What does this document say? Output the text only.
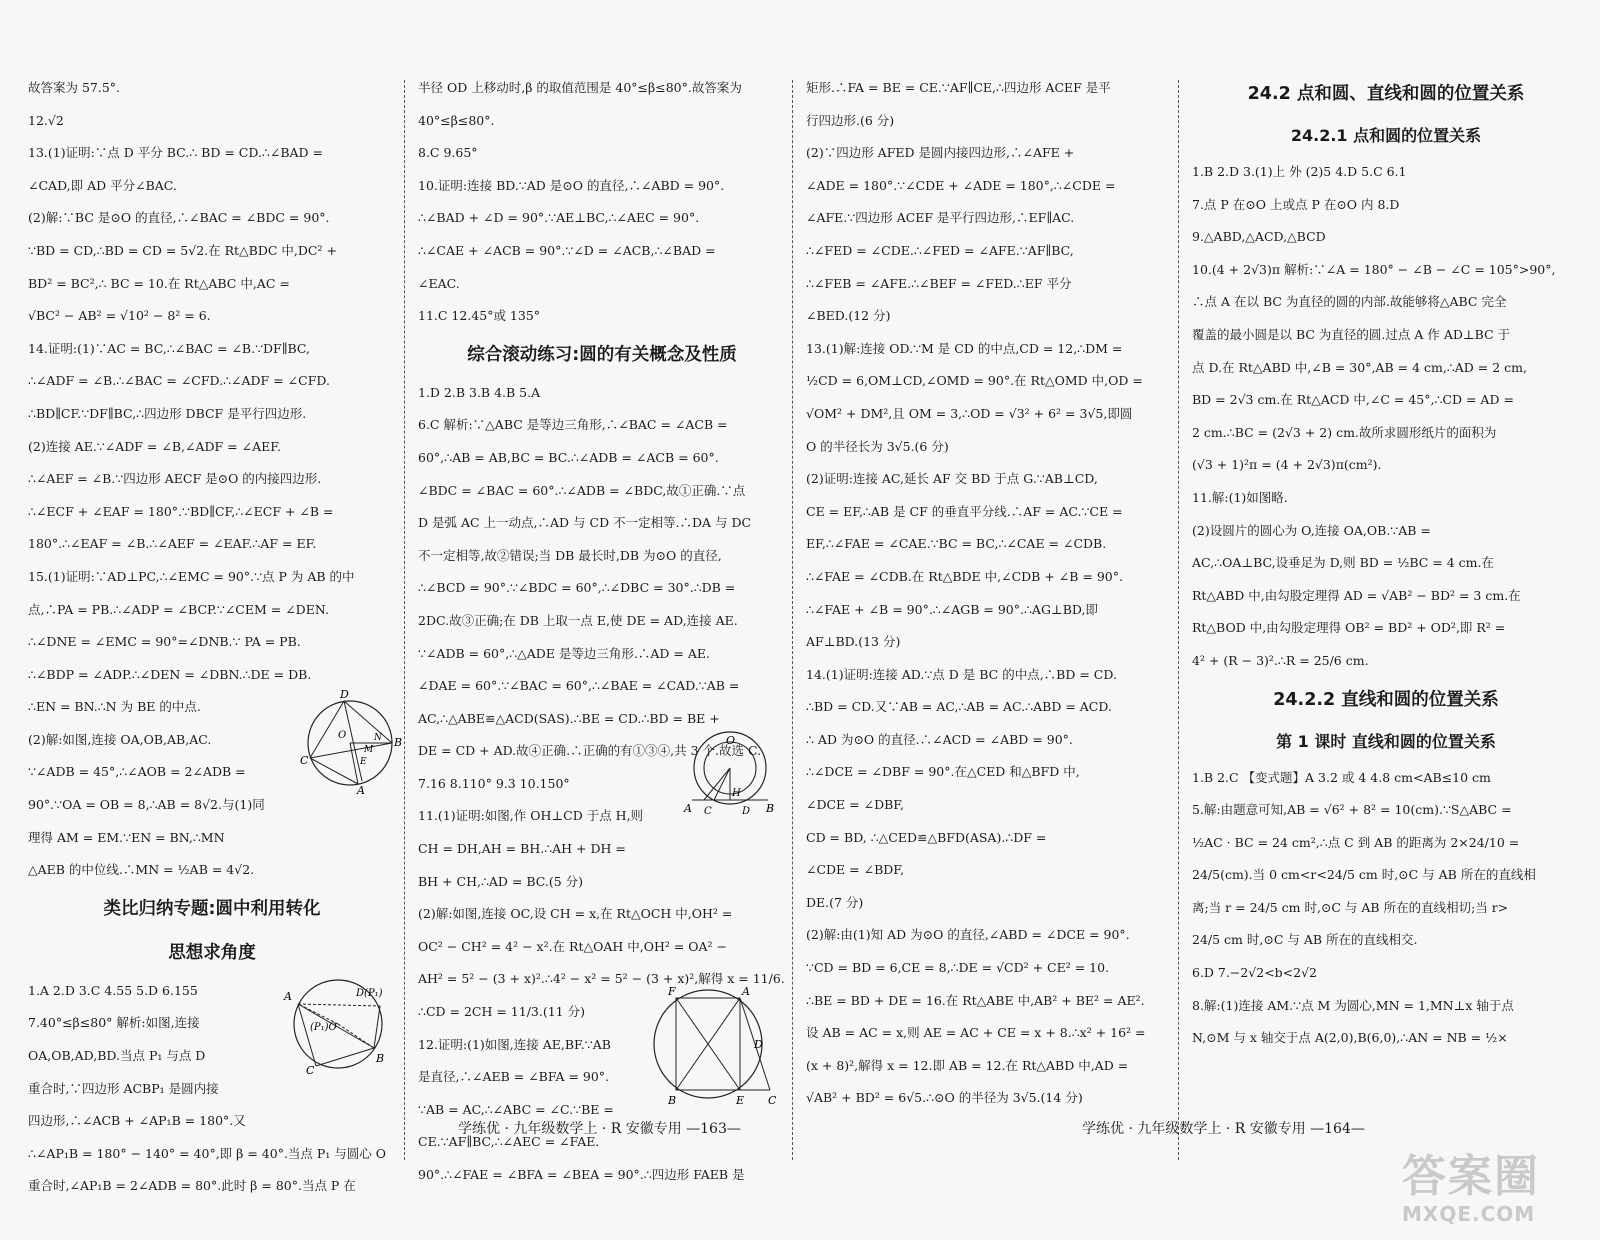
故答案为 57.5°.
12.√2
13.(1)证明:∵点 D 平分 BC.∴ BD = CD.∴∠BAD =
∠CAD,即 AD 平分∠BAC.
(2)解:∵BC 是⊙O 的直径,∴∠BAC = ∠BDC = 90°.
∵BD = CD,∴BD = CD = 5√2.在 Rt△BDC 中,DC² +
BD² = BC²,∴ BC = 10.在 Rt△ABC 中,AC =
√BC² − AB² = √10² − 8² = 6.
14.证明:(1)∵AC = BC,∴∠BAC = ∠B.∵DF∥BC,
∴∠ADF = ∠B.∴∠BAC = ∠CFD.∴∠ADF = ∠CFD.
∴BD∥CF.∵DF∥BC,∴四边形 DBCF 是平行四边形.
(2)连接 AE.∵∠ADF = ∠B,∠ADF = ∠AEF.
∴∠AEF = ∠B.∵四边形 AECF 是⊙O 的内接四边形.
∴∠ECF + ∠EAF = 180°.∵BD∥CF,∴∠ECF + ∠B =
180°.∴∠EAF = ∠B.∴∠AEF = ∠EAF.∴AF = EF.
15.(1)证明:∵AD⊥PC,∴∠EMC = 90°.∵点 P 为 AB 的中
点,∴PA = PB.∴∠ADP = ∠BCP.∵∠CEM = ∠DEN.
∴∠DNE = ∠EMC = 90°=∠DNB.∵ PA = PB.
∴∠BDP = ∠ADP.∴∠DEN = ∠DBN.∴DE = DB.
∴EN = BN.∴N 为 BE 的中点.
(2)解:如图,连接 OA,OB,AB,AC.
∵∠ADB = 45°,∴∠AOB = 2∠ADB =
90°.∵OA = OB = 8,∴AB = 8√2.与(1)同
理得 AM = EM.∵EN = BN,∴MN
△AEB 的中位线.∴MN = ½AB = 4√2.
类比归纳专题:圆中利用转化
思想求角度
1.A 2.D 3.C 4.55 5.D 6.155
7.40°≤β≤80° 解析:如图,连接
OA,OB,AD,BD.当点 P₁ 与点 D
重合时,∵四边形 ACBP₁ 是圆内接
四边形,∴∠ACB + ∠AP₁B = 180°.又
∴∠AP₁B = 180° − 140° = 40°,即 β = 40°.当点 P₁ 与圆心 O
重合时,∠AP₁B = 2∠ADB = 80°.此时 β = 80°.当点 P 在
半径 OD 上移动时,β 的取值范围是 40°≤β≤80°.故答案为
40°≤β≤80°.
8.C 9.65°
10.证明:连接 BD.∵AD 是⊙O 的直径,∴∠ABD = 90°.
∴∠BAD + ∠D = 90°.∵AE⊥BC,∴∠AEC = 90°.
∴∠CAE + ∠ACB = 90°.∵∠D = ∠ACB,∴∠BAD =
∠EAC.
11.C 12.45°或 135°
综合滚动练习:圆的有关概念及性质
1.D 2.B 3.B 4.B 5.A
6.C 解析:∵△ABC 是等边三角形,∴∠BAC = ∠ACB =
60°,∴AB = AB,BC = BC.∴∠ADB = ∠ACB = 60°.
∠BDC = ∠BAC = 60°.∴∠ADB = ∠BDC,故①正确.∵点
D 是弧 AC 上一动点,∴AD 与 CD 不一定相等.∴DA 与 DC
不一定相等,故②错误;当 DB 最长时,DB 为⊙O 的直径,
∴∠BCD = 90°.∵∠BDC = 60°,∴∠DBC = 30°.∴DB =
2DC.故③正确;在 DB 上取一点 E,使 DE = AD,连接 AE.
∵∠ADB = 60°,∴△ADE 是等边三角形.∴AD = AE.
∠DAE = 60°.∵∠BAC = 60°,∴∠BAE = ∠CAD.∵AB =
AC,∴△ABE≌△ACD(SAS).∴BE = CD.∴BD = BE +
DE = CD + AD.故④正确.∴正确的有①③④,共 3 个.故选 C.
7.16 8.110° 9.3 10.150°
11.(1)证明:如图,作 OH⊥CD 于点 H,则
CH = DH,AH = BH.∴AH + DH =
BH + CH,∴AD = BC.(5 分)
(2)解:如图,连接 OC,设 CH = x,在 Rt△OCH 中,OH² =
OC² − CH² = 4² − x².在 Rt△OAH 中,OH² = OA² −
AH² = 5² − (3 + x)².∴4² − x² = 5² − (3 + x)²,解得 x = 11/6.
∴CD = 2CH = 11/3.(11 分)
12.证明:(1)如图,连接 AE,BF.∵AB
是直径,∴∠AEB = ∠BFA = 90°.
∵AB = AC,∴∠ABC = ∠C.∵BE =
CE.∵AF∥BC,∴∠AEC = ∠FAE.
90°.∴∠FAE = ∠BFA = ∠BEA = 90°.∴四边形 FAEB 是
矩形.∴FA = BE = CE.∵AF∥CE,∴四边形 ACEF 是平
行四边形.(6 分)
(2)∵四边形 AFED 是圆内接四边形,∴∠AFE +
∠ADE = 180°.∵∠CDE + ∠ADE = 180°,∴∠CDE =
∠AFE.∵四边形 ACEF 是平行四边形,∴EF∥AC.
∴∠FED = ∠CDE.∴∠FED = ∠AFE.∵AF∥BC,
∴∠FEB = ∠AFE.∴∠BEF = ∠FED.∴EF 平分
∠BED.(12 分)
13.(1)解:连接 OD.∵M 是 CD 的中点,CD = 12,∴DM =
½CD = 6,OM⊥CD,∠OMD = 90°.在 Rt△OMD 中,OD =
√OM² + DM²,且 OM = 3,∴OD = √3² + 6² = 3√5,即圆
O 的半径长为 3√5.(6 分)
(2)证明:连接 AC,延长 AF 交 BD 于点 G.∵AB⊥CD,
CE = EF,∴AB 是 CF 的垂直平分线.∴AF = AC.∵CE =
EF,∴∠FAE = ∠CAE.∵BC = BC,∴∠CAE = ∠CDB.
∴∠FAE = ∠CDB.在 Rt△BDE 中,∠CDB + ∠B = 90°.
∴∠FAE + ∠B = 90°.∴∠AGB = 90°.∴AG⊥BD,即
AF⊥BD.(13 分)
14.(1)证明:连接 AD.∵点 D 是 BC 的中点,∴BD = CD.
∴BD = CD.又∵AB = AC,∴AB = AC.∴ABD = ACD.
∴ AD 为⊙O 的直径.∴∠ACD = ∠ABD = 90°.
∴∠DCE = ∠DBF = 90°.在△CED 和△BFD 中,
∠DCE = ∠DBF,
CD = BD, ∴△CED≌△BFD(ASA).∴DF =
∠CDE = ∠BDF,
DE.(7 分)
(2)解:由(1)知 AD 为⊙O 的直径,∠ABD = ∠DCE = 90°.
∵CD = BD = 6,CE = 8,∴DE = √CD² + CE² = 10.
∴BE = BD + DE = 16.在 Rt△ABE 中,AB² + BE² = AE².
设 AB = AC = x,则 AE = AC + CE = x + 8.∴x² + 16² =
(x + 8)²,解得 x = 12.即 AB = 12.在 Rt△ABD 中,AD =
√AB² + BD² = 6√5.∴⊙O 的半径为 3√5.(14 分)
24.2 点和圆、直线和圆的位置关系
24.2.1 点和圆的位置关系
1.B 2.D 3.(1)上 外 (2)5 4.D 5.C 6.1
7.点 P 在⊙O 上或点 P 在⊙O 内 8.D
9.△ABD,△ACD,△BCD
10.(4 + 2√3)π 解析:∵∠A = 180° − ∠B − ∠C = 105°>90°,
∴点 A 在以 BC 为直径的圆的内部.故能够将△ABC 完全
覆盖的最小圆是以 BC 为直径的圆.过点 A 作 AD⊥BC 于
点 D.在 Rt△ABD 中,∠B = 30°,AB = 4 cm,∴AD = 2 cm,
BD = 2√3 cm.在 Rt△ACD 中,∠C = 45°,∴CD = AD =
2 cm.∴BC = (2√3 + 2) cm.故所求圆形纸片的面积为
(√3 + 1)²π = (4 + 2√3)π(cm²).
11.解:(1)如图略.
(2)设圆片的圆心为 O,连接 OA,OB.∵AB =
AC,∴OA⊥BC,设垂足为 D,则 BD = ½BC = 4 cm.在
Rt△ABD 中,由勾股定理得 AD = √AB² − BD² = 3 cm.在
Rt△BOD 中,由勾股定理得 OB² = BD² + OD²,即 R² =
4² + (R − 3)².∴R = 25/6 cm.
24.2.2 直线和圆的位置关系
第 1 课时 直线和圆的位置关系
1.B 2.C 【变式题】A 3.2 或 4 4.8 cm<AB≤10 cm
5.解:由题意可知,AB = √6² + 8² = 10(cm).∵S△ABC =
½AC · BC = 24 cm²,∴点 C 到 AB 的距离为 2×24/10 =
24/5(cm).当 0 cm<r<24/5 cm 时,⊙C 与 AB 所在的直线相
离;当 r = 24/5 cm 时,⊙C 与 AB 所在的直线相切;当 r>
24/5 cm 时,⊙C 与 AB 所在的直线相交.
6.D 7.−2√2<b<2√2
8.解:(1)连接 AM.∵点 M 为圆心,MN = 1,MN⊥x 轴于点
N,⊙M 与 x 轴交于点 A(2,0),B(6,0),∴AN = NB = ½×
D
C
B
A
O
M
N
E
A
B
C
D(P₁)
(P₁)O
O
A C
H
D B
F	A
D
B	E C
学练优 · 九年级数学上 · R 安徽专用 —163—	学练优 · 九年级数学上 · R 安徽专用 —164—
答案圈
MXQE.COM
